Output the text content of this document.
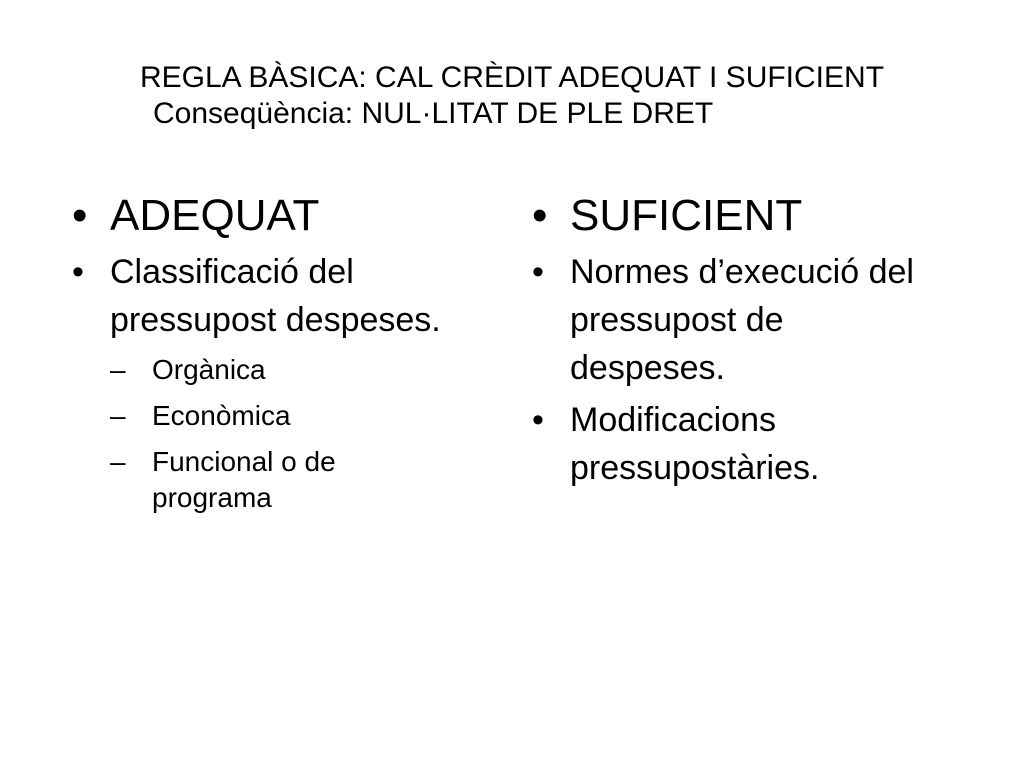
REGLA BÀSICA: CAL CRÈDIT ADEQUAT I SUFICIENT
Conseqüència: NUL·LITAT DE PLE DRET
• ADEQUAT
• Classificació del pressupost despeses.
– Orgànica
– Econòmica
– Funcional o de programa
• SUFICIENT
• Normes d’execució del pressupost de despeses.
• Modificacions pressupostàries.
